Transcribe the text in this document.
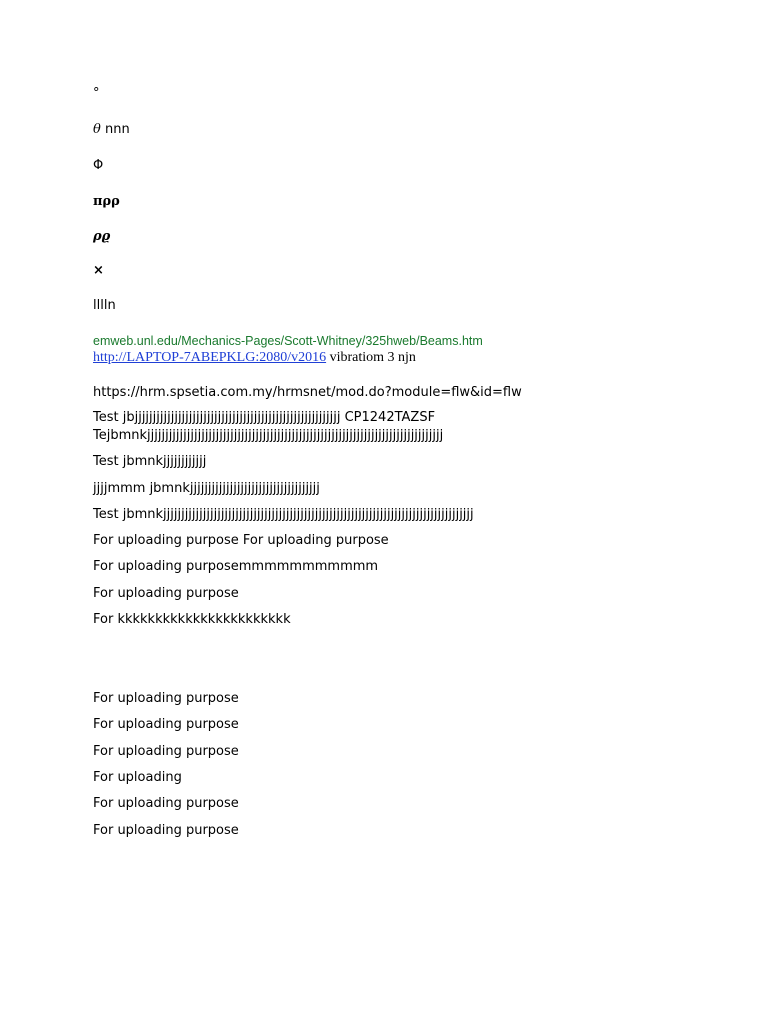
°
θ nnn
Φ
πρρ
ρϱ
×
lllln
emweb.unl.edu/Mechanics-Pages/Scott-Whitney/325hweb/Beams.htm
http://LAPTOP-7ABEPKLG:2080/v2016 vibratiom 3 njn
https://hrm.spsetia.com.my/hrmsnet/mod.do?module=flw&id=flw
Test jbjjjjjjjjjjjjjjjjjjjjjjjjjjjjjjjjjjjjjjjjjjjjjjjjjjjjjjjjj CP1242TAZSF
Tejbmnkjjjjjjjjjjjjjjjjjjjjjjjjjjjjjjjjjjjjjjjjjjjjjjjjjjjjjjjjjjjjjjjjjjjjjjjjjjjjjjjjjj
Test jbmnkjjjjjjjjjjjj
jjjjmmm jbmnkjjjjjjjjjjjjjjjjjjjjjjjjjjjjjjjjjjjj
Test jbmnkjjjjjjjjjjjjjjjjjjjjjjjjjjjjjjjjjjjjjjjjjjjjjjjjjjjjjjjjjjjjjjjjjjjjjjjjjjjjjjjjjjjjjj
For uploading purpose For uploading purpose
For uploading purposemmmmmmmmmmm
For uploading purpose
For kkkkkkkkkkkkkkkkkkkkkkk
For uploading purpose
For uploading purpose
For uploading purpose
For uploading
For uploading purpose
For uploading purpose
